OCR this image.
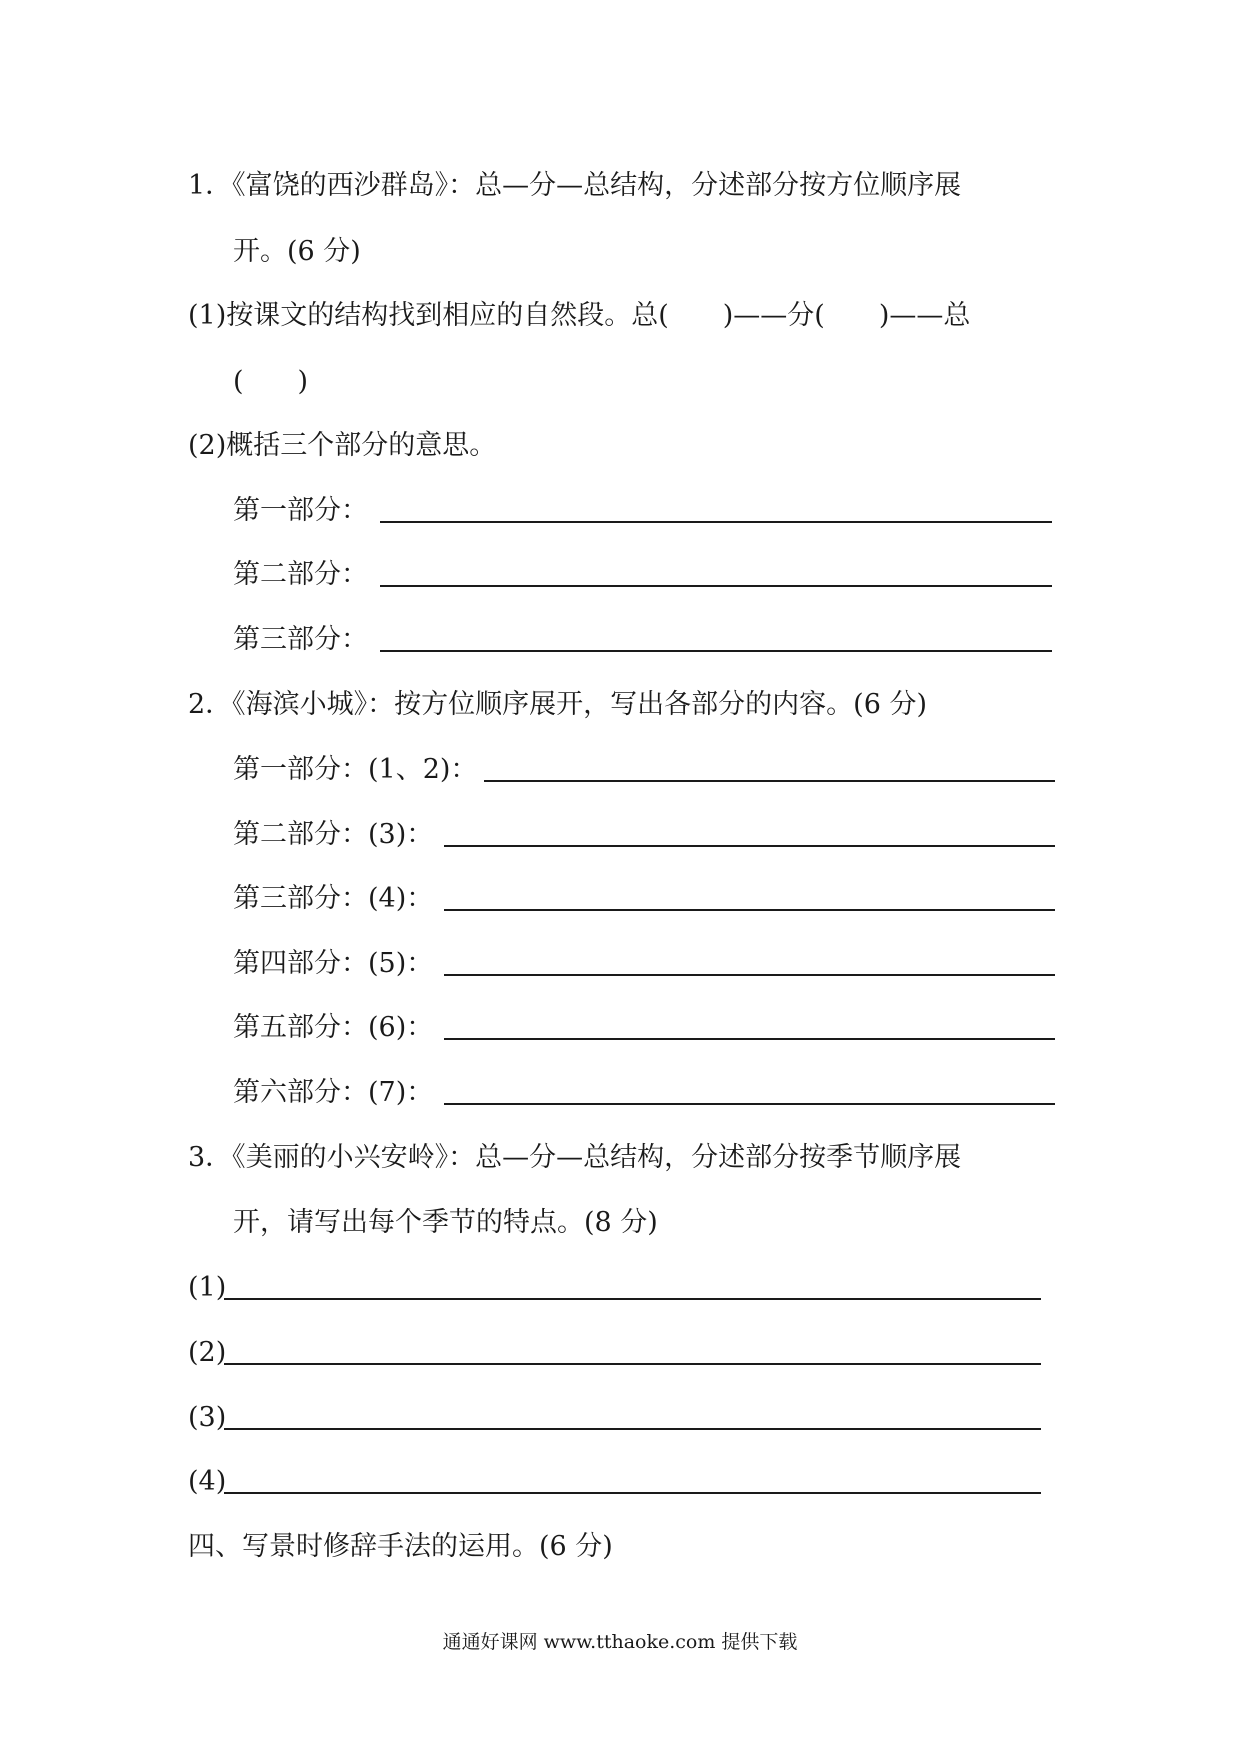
1．《富饶的西沙群岛》：总—分—总结构，分述部分按方位顺序展
开。(6 分)
(1)按课文的结构找到相应的自然段。总(　　)——分(　　)——总
(　　)
(2)概括三个部分的意思。
第一部分：
第二部分：
第三部分：
2．《海滨小城》：按方位顺序展开，写出各部分的内容。(6 分)
第一部分：(1、2)：
第二部分：(3)：
第三部分：(4)：
第四部分：(5)：
第五部分：(6)：
第六部分：(7)：
3．《美丽的小兴安岭》：总—分—总结构，分述部分按季节顺序展
开，请写出每个季节的特点。(8 分)
(1)
(2)
(3)
(4)
四、写景时修辞手法的运用。(6 分)
通通好课网 www.tthaoke.com 提供下载
